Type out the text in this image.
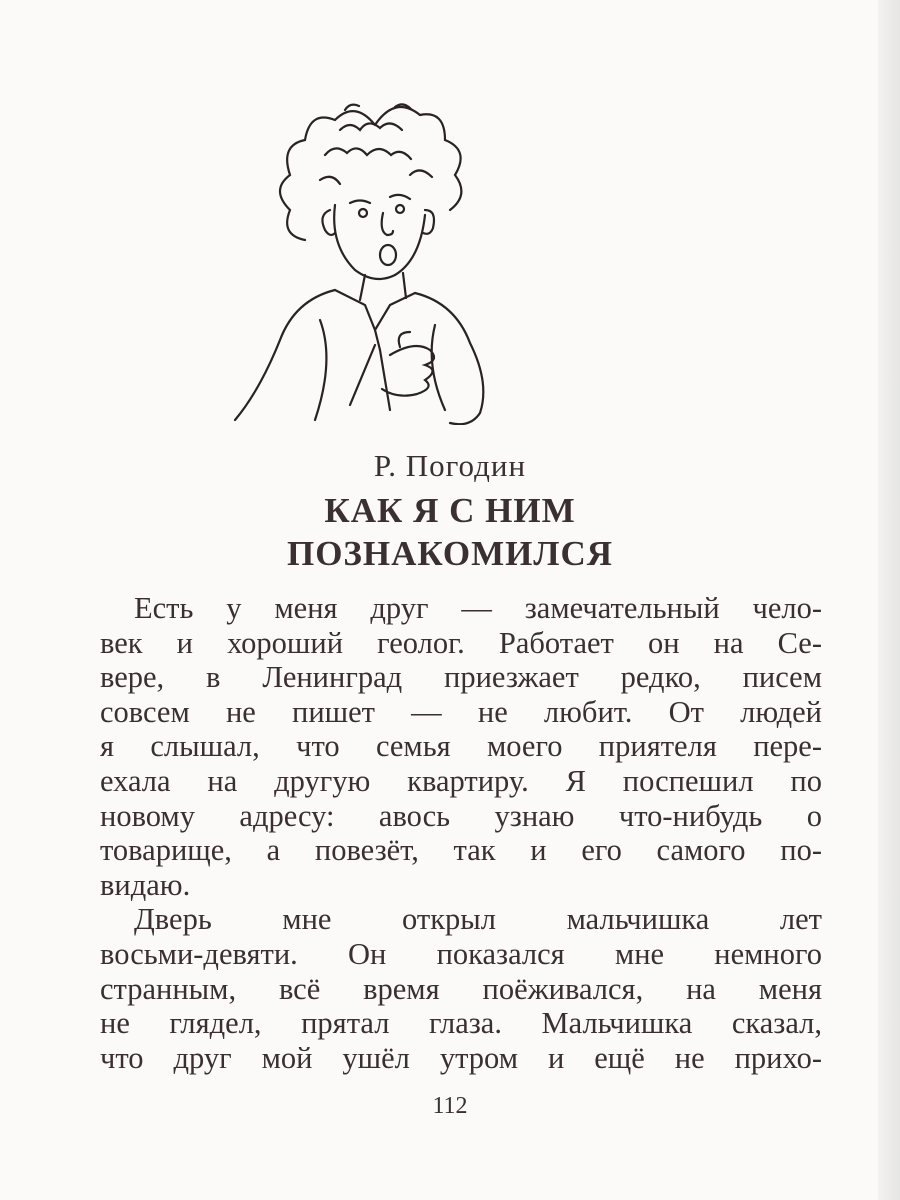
Р. Погодин
КАК Я С НИМ
ПОЗНАКОМИЛСЯ
Есть у меня друг — замечательный чело-
век и хороший геолог. Работает он на Се-
вере, в Ленинград приезжает редко, писем
совсем не пишет — не любит. От людей
я слышал, что семья моего приятеля пере-
ехала на другую квартиру. Я поспешил по
новому адресу: авось узнаю что-нибудь о
товарище, а повезёт, так и его самого по-
видаю.
Дверь мне открыл мальчишка лет
восьми-девяти. Он показался мне немного
странным, всё время поёживался, на меня
не глядел, прятал глаза. Мальчишка сказал,
что друг мой ушёл утром и ещё не прихо-
112
